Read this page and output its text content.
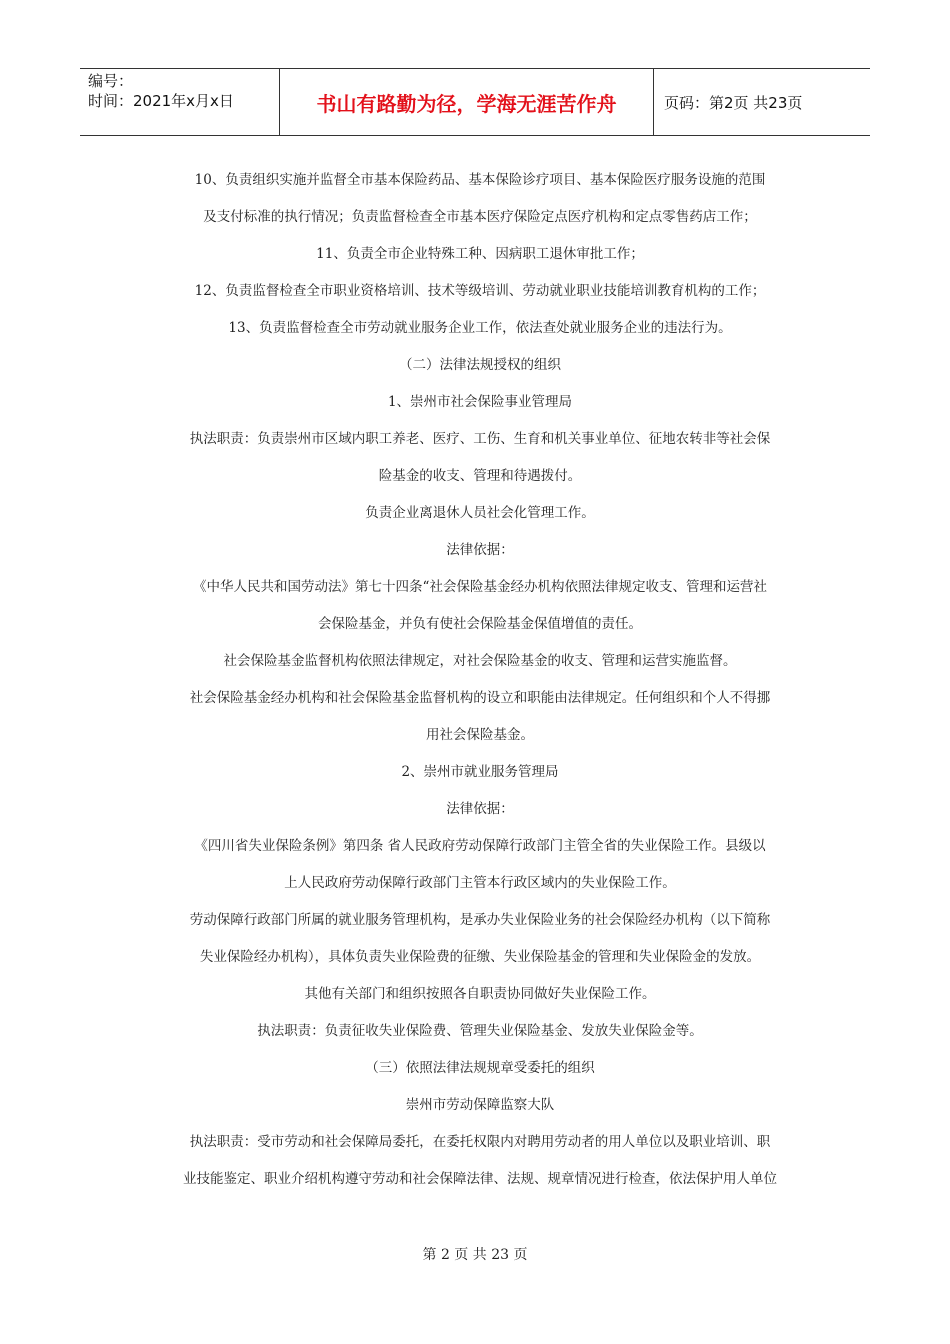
编号：
时间：2021年x月x日	书山有路勤为径，学海无涯苦作舟	页码：第2页 共23页
10、负责组织实施并监督全市基本保险药品、基本保险诊疗项目、基本保险医疗服务设施的范围
及支付标准的执行情况；负责监督检查全市基本医疗保险定点医疗机构和定点零售药店工作；
11、负责全市企业特殊工种、因病职工退休审批工作；
12、负责监督检查全市职业资格培训、技术等级培训、劳动就业职业技能培训教育机构的工作；
13、负责监督检查全市劳动就业服务企业工作，依法查处就业服务企业的违法行为。
（二）法律法规授权的组织
1、崇州市社会保险事业管理局
执法职责：负责崇州市区域内职工养老、医疗、工伤、生育和机关事业单位、征地农转非等社会保
险基金的收支、管理和待遇拨付。
负责企业离退休人员社会化管理工作。
法律依据：
《中华人民共和国劳动法》第七十四条“社会保险基金经办机构依照法律规定收支、管理和运营社
会保险基金，并负有使社会保险基金保值增值的责任。
社会保险基金监督机构依照法律规定，对社会保险基金的收支、管理和运营实施监督。
社会保险基金经办机构和社会保险基金监督机构的设立和职能由法律规定。任何组织和个人不得挪
用社会保险基金。
2、崇州市就业服务管理局
法律依据：
《四川省失业保险条例》第四条 省人民政府劳动保障行政部门主管全省的失业保险工作。县级以
上人民政府劳动保障行政部门主管本行政区域内的失业保险工作。
劳动保障行政部门所属的就业服务管理机构，是承办失业保险业务的社会保险经办机构（以下简称
失业保险经办机构），具体负责失业保险费的征缴、失业保险基金的管理和失业保险金的发放。
其他有关部门和组织按照各自职责协同做好失业保险工作。
执法职责：负责征收失业保险费、管理失业保险基金、发放失业保险金等。
（三）依照法律法规规章受委托的组织
崇州市劳动保障监察大队
执法职责：受市劳动和社会保障局委托，在委托权限内对聘用劳动者的用人单位以及职业培训、职
业技能鉴定、职业介绍机构遵守劳动和社会保障法律、法规、规章情况进行检查，依法保护用人单位
第 2 页 共 23 页
